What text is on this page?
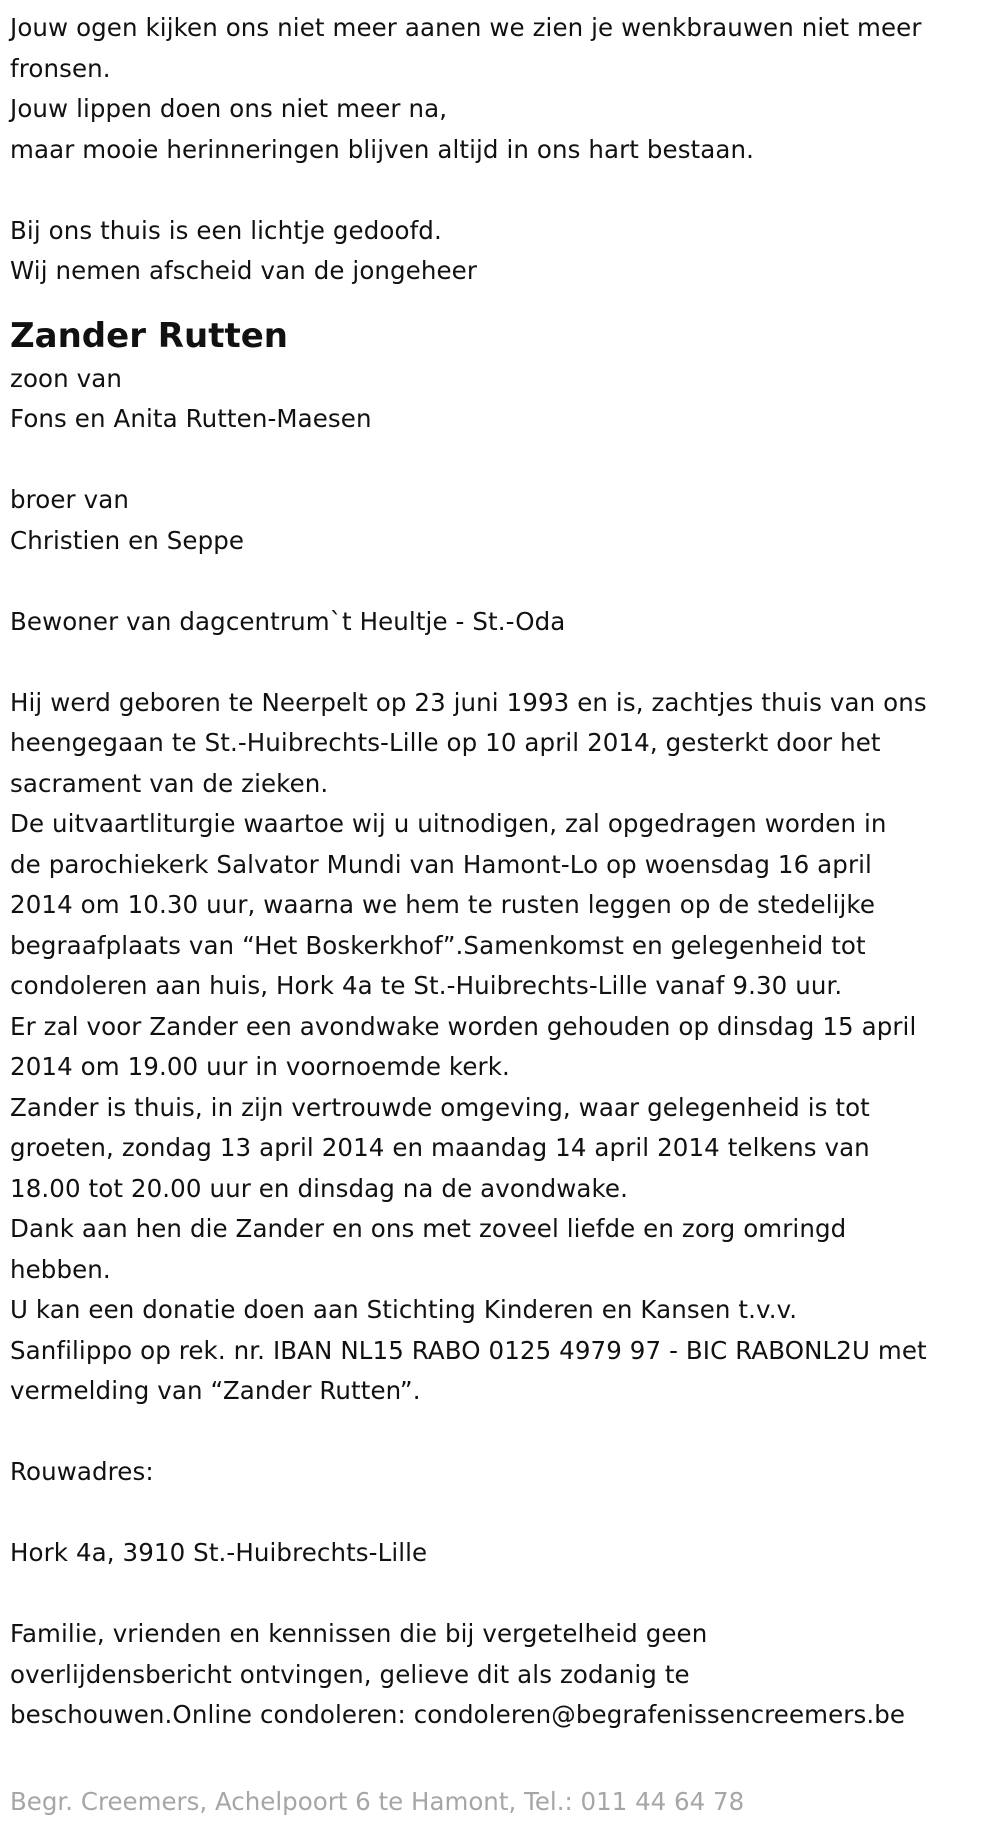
Jouw ogen kijken ons niet meer aanen we zien je wenkbrauwen niet meer
fronsen.
Jouw lippen doen ons niet meer na,
maar mooie herinneringen blijven altijd in ons hart bestaan.
Bij ons thuis is een lichtje gedoofd.
Wij nemen afscheid van de jongeheer
Zander Rutten
zoon van
Fons en Anita Rutten-Maesen
broer van
Christien en Seppe
Bewoner van dagcentrum`t Heultje - St.-Oda
Hij werd geboren te Neerpelt op 23 juni 1993 en is, zachtjes thuis van ons
heengegaan te St.-Huibrechts-Lille op 10 april 2014, gesterkt door het
sacrament van de zieken.
De uitvaartliturgie waartoe wij u uitnodigen, zal opgedragen worden in
de parochiekerk Salvator Mundi van Hamont-Lo op woensdag 16 april
2014 om 10.30 uur, waarna we hem te rusten leggen op de stedelijke
begraafplaats van “Het Boskerkhof”.Samenkomst en gelegenheid tot
condoleren aan huis, Hork 4a te St.-Huibrechts-Lille vanaf 9.30 uur.
Er zal voor Zander een avondwake worden gehouden op dinsdag 15 april
2014 om 19.00 uur in voornoemde kerk.
Zander is thuis, in zijn vertrouwde omgeving, waar gelegenheid is tot
groeten, zondag 13 april 2014 en maandag 14 april 2014 telkens van
18.00 tot 20.00 uur en dinsdag na de avondwake.
Dank aan hen die Zander en ons met zoveel liefde en zorg omringd
hebben.
U kan een donatie doen aan Stichting Kinderen en Kansen t.v.v.
Sanfilippo op rek. nr. IBAN NL15 RABO 0125 4979 97 - BIC RABONL2U met
vermelding van “Zander Rutten”.
Rouwadres:
Hork 4a, 3910 St.-Huibrechts-Lille
Familie, vrienden en kennissen die bij vergetelheid geen
overlijdensbericht ontvingen, gelieve dit als zodanig te
beschouwen.Online condoleren: condoleren@begrafenissencreemers.be
Begr. Creemers, Achelpoort 6 te Hamont, Tel.: 011 44 64 78
